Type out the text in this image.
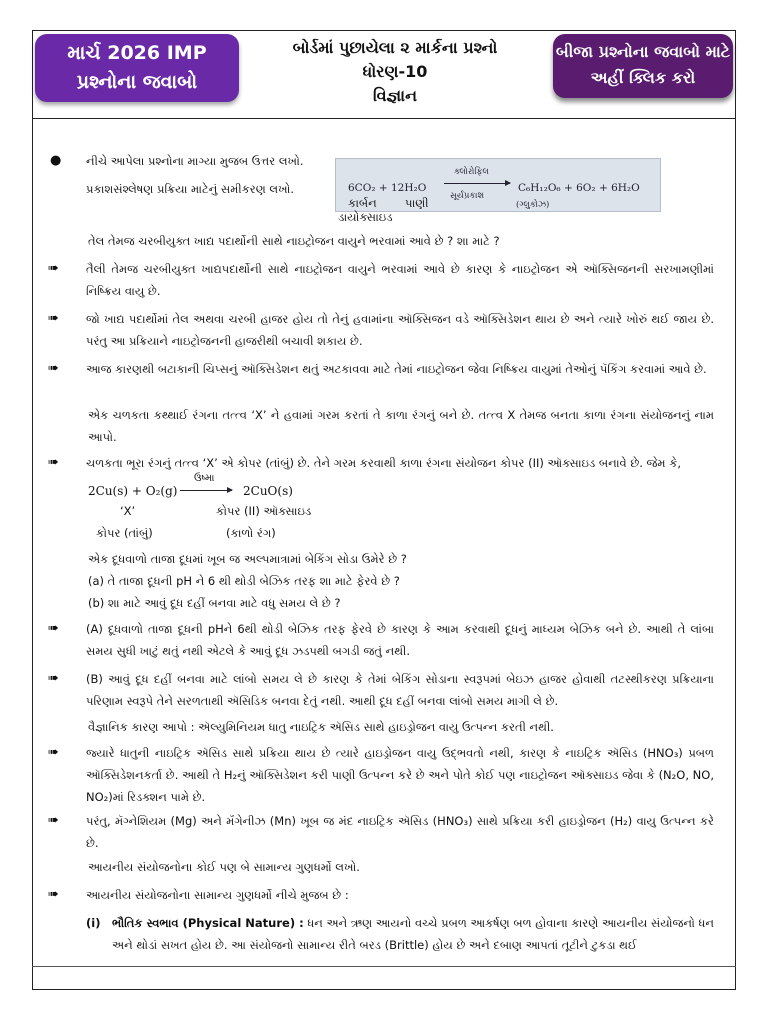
માર્ચ 2026 IMP
પ્રશ્નોના જવાબો
બોર્ડમાં પુછાયેલા ૨ માર્કના પ્રશ્નો
ધોરણ-10
વિજ્ઞાન
બીજા પ્રશ્નોના જવાબો માટે
અહીં ક્લિક કરો
● નીચે આપેલા પ્રશ્નોના માગ્યા મુજબ ઉત્તર લખો.
પ્રકાશસંશ્લેષણ પ્રક્રિયા માટેનું સમીકરણ લખો.	6CO₂ + 12H₂O
ક્લોરોફિલ
સૂર્યપ્રકાશ
C₆H₁₂O₆ + 6O₂ + 6H₂O
(ગ્લુકોઝ)
કાર્બન પાણી
ડાયોક્સાઇડ
તેલ તેમજ ચરબીયુક્ત ખાદ્ય પદાર્થોની સાથે નાઇટ્રોજન વાયુને ભરવામાં આવે છે ? શા માટે ?
➠ તૈલી તેમજ ચરબીયુક્ત ખાદ્યપદાર્થોની સાથે નાઇટ્રોજન વાયુને ભરવામાં આવે છે કારણ કે નાઇટ્રોજન એ ઑક્સિજનની સરખામણીમાં નિષ્ક્રિય વાયુ છે.
➠ જો ખાદ્ય પદાર્થોમાં તેલ અથવા ચરબી હાજર હોય તો તેનું હવામાંના ઑક્સિજન વડે ઑક્સિડેશન થાય છે અને ત્યારે ખોરું થઈ જાય છે. પરંતુ આ પ્રક્રિયાને નાઇટ્રોજનની હાજરીથી બચાવી શકાય છે.
➠ આજ કારણથી બટાકાની ચિપ્સનું ઑક્સિડેશન થતું અટકાવવા માટે તેમાં નાઇટ્રોજન જેવા નિષ્ક્રિય વાયુમાં તેઓનું પૅકિંગ કરવામાં આવે છે.
એક ચળકતા કથ્થાઈ રંગના તત્ત્વ ‘X’ ને હવામાં ગરમ કરતાં તે કાળા રંગનું બને છે. તત્ત્વ X તેમજ બનતા કાળા રંગના સંયોજનનું નામ આપો.
➠ ચળકતા ભૂરા રંગનું તત્ત્વ ‘X’ એ કોપર (તાંબું) છે. તેને ગરમ કરવાથી કાળા રંગના સંયોજન કોપર (II) ઑક્સાઇડ બનાવે છે. જેમ કે,
2Cu(s) + O₂(g)
ઉષ્મા
2CuO(s)
‘X’	કોપર (II) ઑક્સાઇડ
કોપર (તાંબું)	(કાળો રંગ)
એક દૂધવાળો તાજા દૂધમાં ખૂબ જ અલ્પમાત્રામાં બેકિંગ સોડા ઉમેરે છે ?
(a) તે તાજા દૂધની pH ને 6 થી થોડી બેઝિક તરફ શા માટે ફેરવે છે ?
(b) શા માટે આવું દૂધ દહીં બનવા માટે વધુ સમય લે છે ?
➠ (A) દૂધવાળો તાજા દૂધની pHને 6થી થોડી બેઝિક તરફ ફેરવે છે કારણ કે આમ કરવાથી દૂધનું માધ્યમ બેઝિક બને છે. આથી તે લાંબા સમય સુધી ખાટું થતું નથી એટલે કે આવું દૂધ ઝડપથી બગડી જતું નથી.
➠ (B) આવું દૂધ દહીં બનવા માટે લાંબો સમય લે છે કારણ કે તેમાં બેકિંગ સોડાના સ્વરૂપમાં બેઇઝ હાજર હોવાથી તટસ્થીકરણ પ્રક્રિયાના પરિણામ સ્વરૂપે તેને સરળતાથી ઍસિડિક બનવા દેતું નથી. આથી દૂધ દહીં બનવા લાંબો સમય માગી લે છે.
વૈજ્ઞાનિક કારણ આપો : ઍલ્યુમિનિયમ ધાતુ નાઇટ્રિક ઍસિડ સાથે હાઇડ્રોજન વાયુ ઉત્પન્ન કરતી નથી.
➠ જ્યારે ધાતુની નાઇટ્રિક ઍસિડ સાથે પ્રક્રિયા થાય છે ત્યારે હાઇડ્રોજન વાયુ ઉદ્ભવતો નથી, કારણ કે નાઇટ્રિક ઍસિડ (HNO₃) પ્રબળ ઑક્સિડેશનકર્તા છે. આથી તે H₂નું ઑક્સિડેશન કરી પાણી ઉત્પન્ન કરે છે અને પોતે કોઈ પણ નાઇટ્રોજન ઑક્સાઇડ જેવા કે (N₂O, NO, NO₂)માં રિડક્શન પામે છે.
➠ પરંતુ, મૅગ્નેશિયમ (Mg) અને મૅંગેનીઝ (Mn) ખૂબ જ મંદ નાઇટ્રિક ઍસિડ (HNO₃) સાથે પ્રક્રિયા કરી હાઇડ્રોજન (H₂) વાયુ ઉત્પન્ન કરે છે.
આયનીય સંયોજનોના કોઈ પણ બે સામાન્ય ગુણધર્મો લખો.
➠ આયનીય સંયોજનોના સામાન્ય ગુણધર્મો નીચે મુજબ છે :
(i) ભૌતિક સ્વભાવ (Physical Nature) : ધન અને ઋણ આયનો વચ્ચે પ્રબળ આકર્ષણ બળ હોવાના કારણે આયનીય સંયોજનો ધન અને થોડાં સખત હોય છે. આ સંયોજનો સામાન્ય રીતે બરડ (Brittle) હોય છે અને દબાણ આપતાં તૂટીને ટુકડા થઈ
